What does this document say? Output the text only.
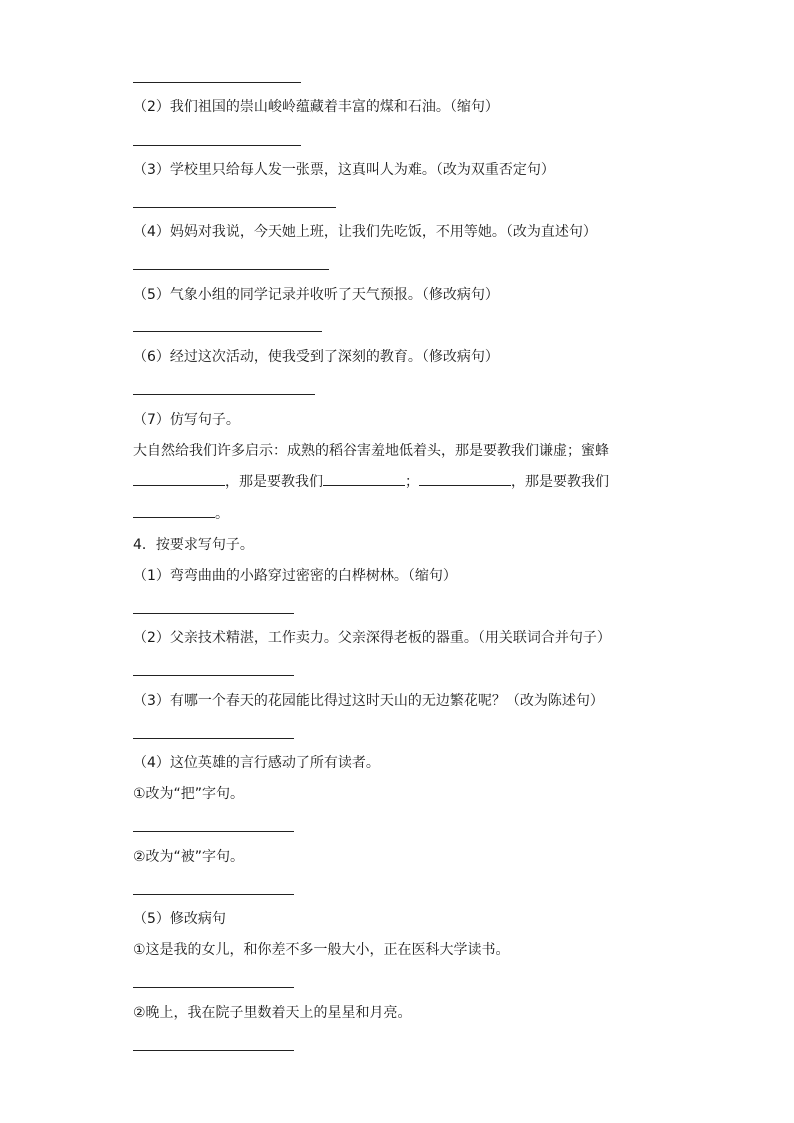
（2）我们祖国的崇山峻岭蕴藏着丰富的煤和石油。（缩句）
（3）学校里只给每人发一张票，这真叫人为难。（改为双重否定句）
（4）妈妈对我说，今天她上班，让我们先吃饭，不用等她。（改为直述句）
（5）气象小组的同学记录并收听了天气预报。（修改病句）
（6）经过这次活动，使我受到了深刻的教育。（修改病句）
（7）仿写句子。
大自然给我们许多启示：成熟的稻谷害羞地低着头，那是要教我们谦虚；蜜蜂
，那是要教我们	；	，那是要教我们
。
4．按要求写句子。
（1）弯弯曲曲的小路穿过密密的白桦树林。（缩句）
（2）父亲技术精湛，工作卖力。父亲深得老板的器重。（用关联词合并句子）
（3）有哪一个春天的花园能比得过这时天山的无边繁花呢？（改为陈述句）
（4）这位英雄的言行感动了所有读者。
①改为“把”字句。
②改为“被”字句。
（5）修改病句
①这是我的女儿，和你差不多一般大小，正在医科大学读书。
②晚上，我在院子里数着天上的星星和月亮。
